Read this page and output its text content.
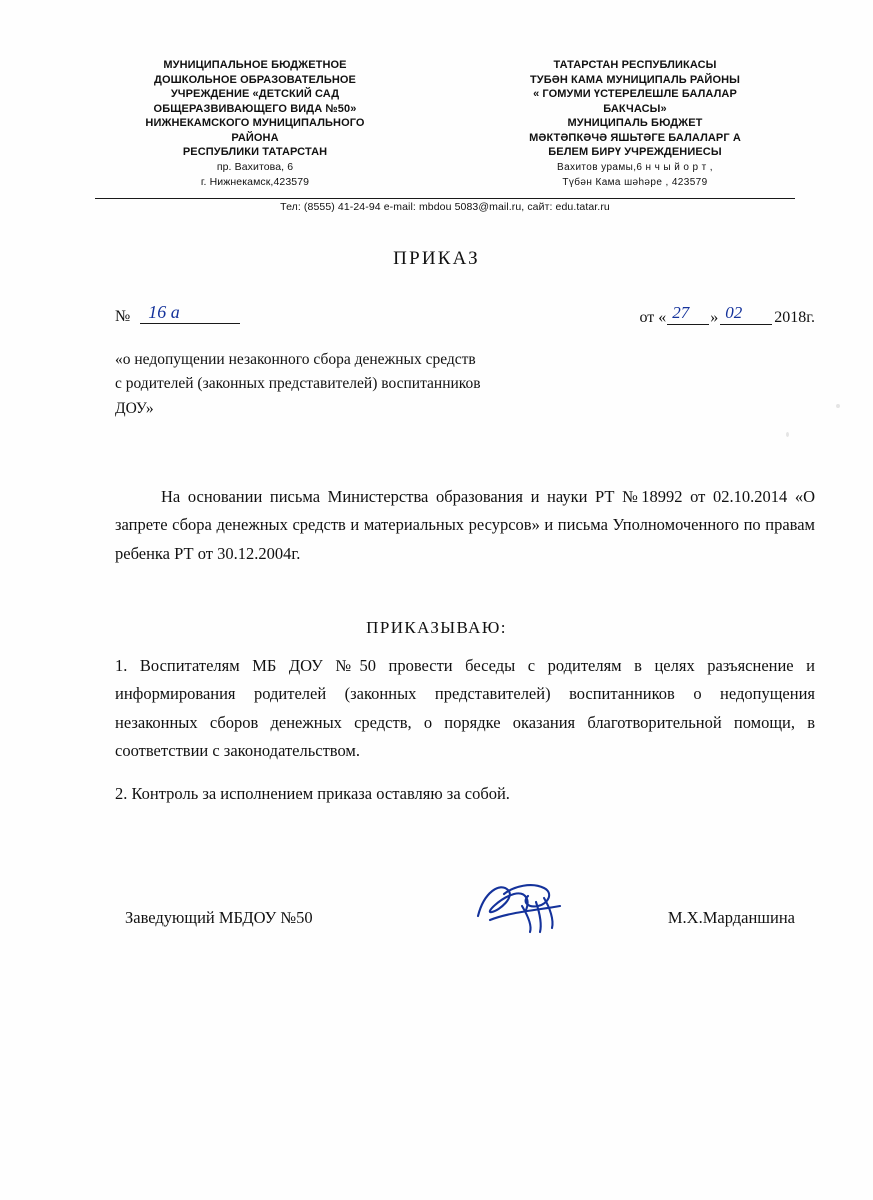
МУНИЦИПАЛЬНОЕ БЮДЖЕТНОЕ
ДОШКОЛЬНОЕ ОБРАЗОВАТЕЛЬНОЕ
УЧРЕЖДЕНИЕ «ДЕТСКИЙ САД
ОБЩЕРАЗВИВАЮЩЕГО ВИДА №50»
НИЖНЕКАМСКОГО МУНИЦИПАЛЬНОГО
РАЙОНА
РЕСПУБЛИКИ ТАТАРСТАН
пр. Вахитова, 6
г. Нижнекамск,423579
ТАТАРСТАН РЕСПУБЛИКАСЫ
ТУБӘН КАМА МУНИЦИПАЛЬ РАЙОНЫ
« ГОМУМИ ҮСТЕРЕЛЕШЛЕ БАЛАЛАР
БАКЧАСЫ»
МУНИЦИПАЛЬ БЮДЖЕТ
МӘКТӘПКӘЧӘ ЯШЬТӘГЕ БАЛАЛАРГ А
БЕЛЕМ БИРҮ УЧРЕЖДЕНИЕСЫ
Вахитов урамы,6 н ч ы й о р т ,
Түбән Кама шәһәре , 423579
Тел: (8555) 41-24-94 e-mail: mbdou 5083@mail.ru, сайт: edu.tatar.ru
ПРИКАЗ
№ 16 а	от « 27 » 02 2018г.
«о недопущении незаконного сбора денежных средств
с родителей (законных представителей) воспитанников
ДОУ»
На основании письма Министерства образования и науки РТ №18992 от 02.10.2014 «О запрете сбора денежных средств и материальных ресурсов» и письма Уполномоченного по правам ребенка РТ от 30.12.2004г.
ПРИКАЗЫВАЮ:
1. Воспитателям МБ ДОУ №50 провести беседы с родителям в целях разъяснение и информирования родителей (законных представителей) воспитанников о недопущения незаконных сборов денежных средств, о порядке оказания благотворительной помощи, в соответствии с законодательством.
2. Контроль за исполнением приказа оставляю за собой.
Заведующий МБДОУ №50	М.Х.Марданшина
